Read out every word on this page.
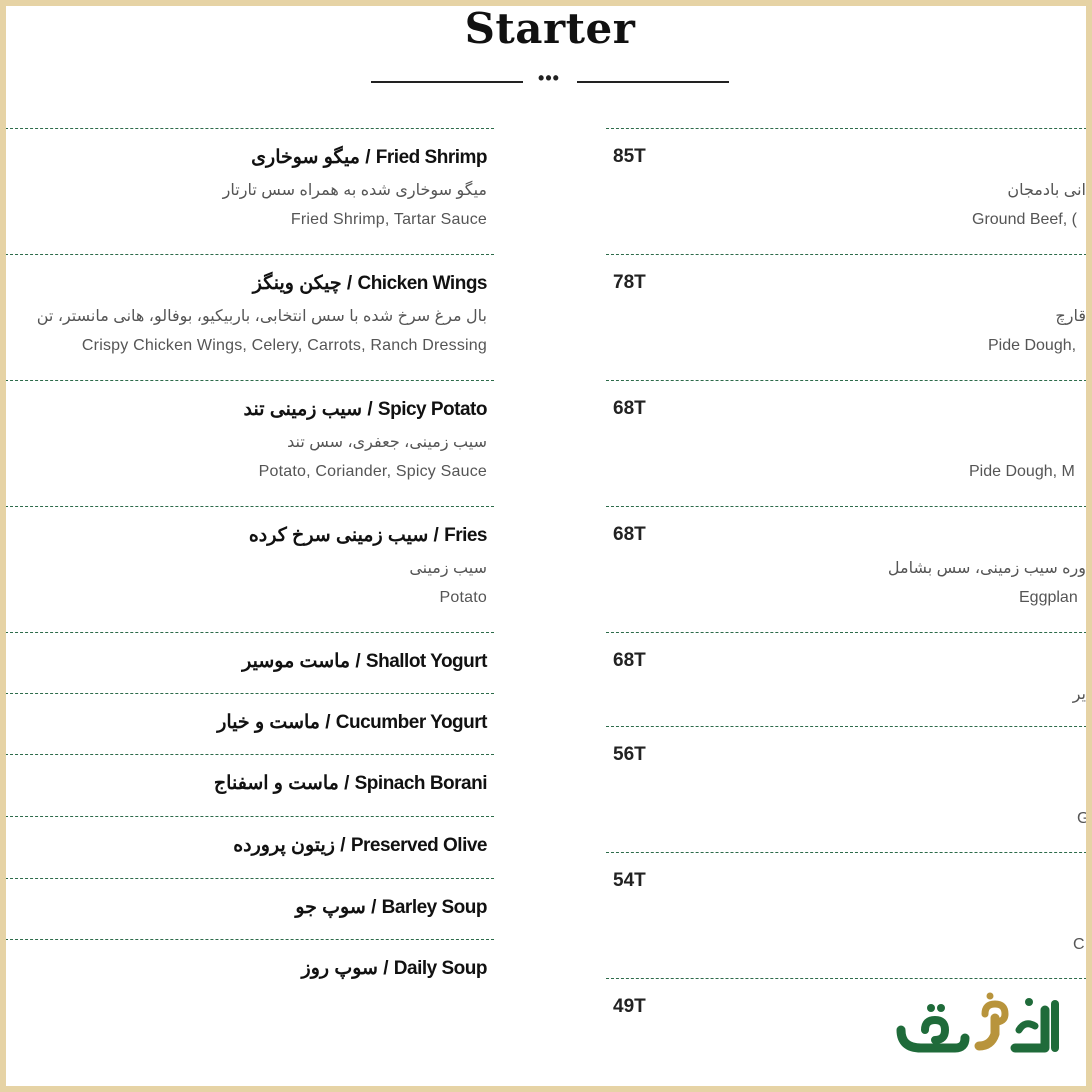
Starter
•••
میگو سوخاری / Fried Shrimp
میگو سوخاری شده به همراه سس تارتار
Fried Shrimp, Tartar Sauce
چیکن وینگز / Chicken Wings
بال مرغ سرخ شده با سس انتخابی، باربیکیو، بوفالو، هانی مانستر، تن
Crispy Chicken Wings, Celery, Carrots, Ranch Dressing
سیب زمینی تند / Spicy Potato
سیب زمینی، جعفری، سس تند
Potato, Coriander, Spicy Sauce
سیب زمینی سرخ کرده / Fries
سیب زمینی
Potato
ماست موسیر / Shallot Yogurt
ماست و خیار / Cucumber Yogurt
ماست و اسفناج / Spinach Borani
زیتون پرورده / Preserved Olive
سوپ جو / Barley Soup
سوپ روز / Daily Soup
85T
انی بادمجان
Ground Beef, (
78T
قارچ
Pide Dough,
68T
Pide Dough, M
68T
وره سیب زمینی، سس بشامل
Eggplan
68T
یر
56T
G
54T
C
49T
